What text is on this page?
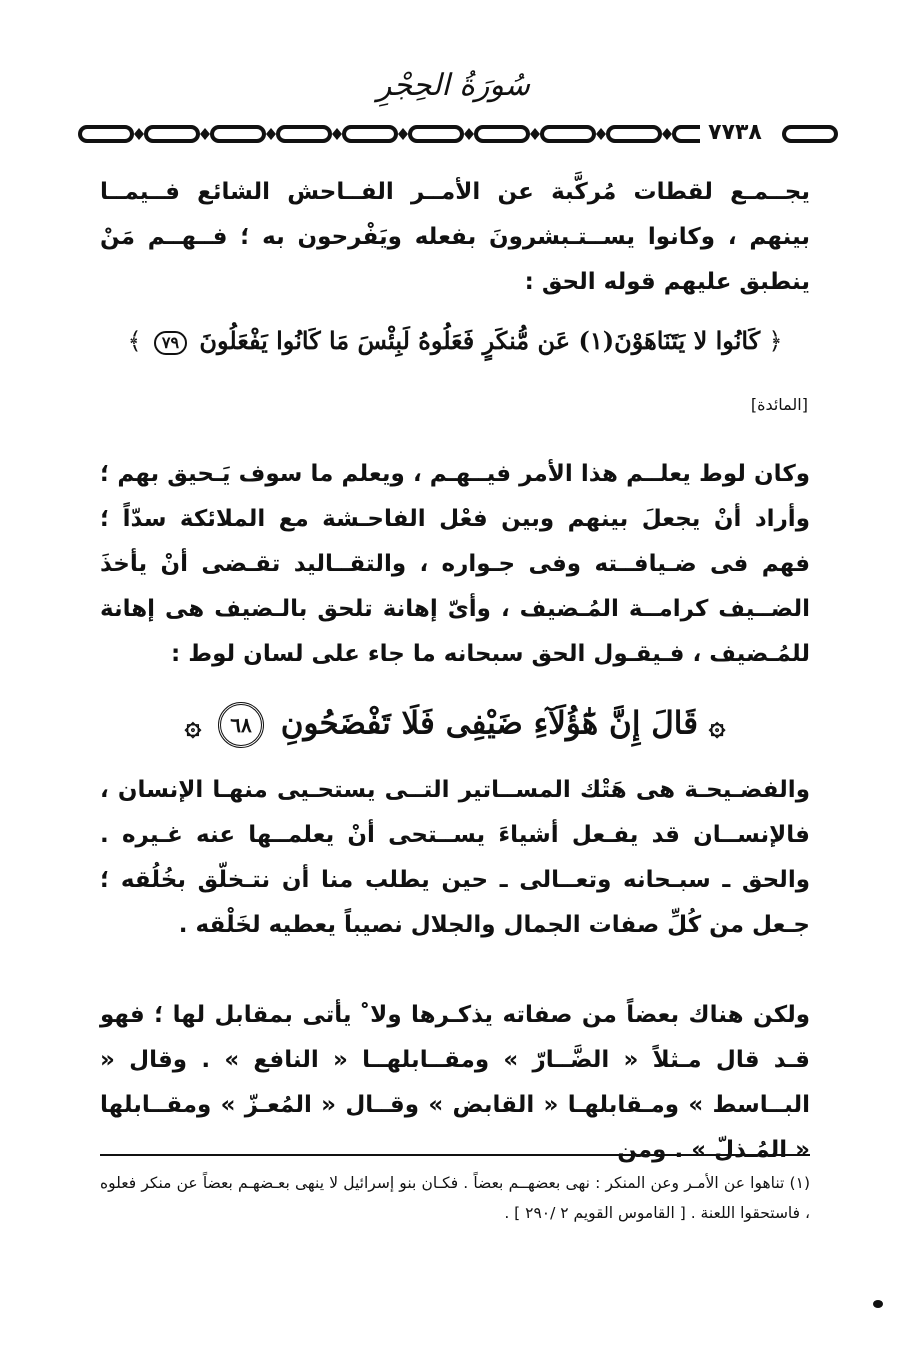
سُورَةُ الحِجْرِ
٧٧٣٨
يجــمـع لقطات مُركَّبة عن الأمــر الفــاحش الشائع فــيمــا بينهم ، وكانوا يســتـبشرونَ بفعله ويَفْرحون به ؛ فــهــم مَنْ ينطبق عليهم قوله الحق :
﴿ كَانُوا لا يَتَنَاهَوْنَ(١) عَن مُّنكَرٍ فَعَلُوهُ لَبِئْسَ مَا كَانُوا يَفْعَلُونَ ٧٩ ﴾
[المائدة]
وكان لوط يعلــم هذا الأمر فيــهـم ، ويعلم ما سوف يَـحيق بهم ؛ وأراد أنْ يجعلَ بينهم وبين فعْل الفاحـشة مع الملائكة سدّاً ؛ فهم فى ضـيافــته وفى جـواره ، والتقــاليد تقـضى أنْ يأخذَ الضــيف كرامــة المُـضيف ، وأىّ إهانة تلحق بالـضيف هى إهانة للمُـضيف ، فـيقـول الحق سبحانه ما جاء على لسان لوط :
۞ قَالَ إِنَّ هَٰٓؤُلَآءِ ضَيْفِى فَلَا تَفْضَحُونِ ٦٨ ۞
والفضـيحـة هى هَتْك المســاتير التــى يستحـيى منهـا الإنسان ، فالإنســان قد يفـعل أشياءَ يســتحى أنْ يعلمــها عنه غـيره . والحق ـ سبـحانه وتعــالى ـ حين يطلب منا أن نتـخلّق بخُلُقه ؛ جـعل من كُلِّ صفات الجمال والجلال نصيباً يعطيه لخَلْقه .
ولكن هناك بعضاً من صفاته يذكـرها ولا ْ يأتى بمقابل لها ؛ فهو قـد قال مـثلاً « الضَّــارّ » ومقــابلهــا « النافع » . وقال « البــاسط » ومـقابلهـا « القابض » وقــال « المُعـزّ » ومقــابلها « المُـذلّ » . ومن
(١) تناهوا عن الأمـر وعن المنكر : نهى بعضهــم بعضاً . فكـان بنو إسرائيل لا ينهى بعـضهـم بعضاً عن منكر فعلوه ، فاستحقوا اللعنة . [ القاموس القويم ٢ /٢٩٠ ] .
